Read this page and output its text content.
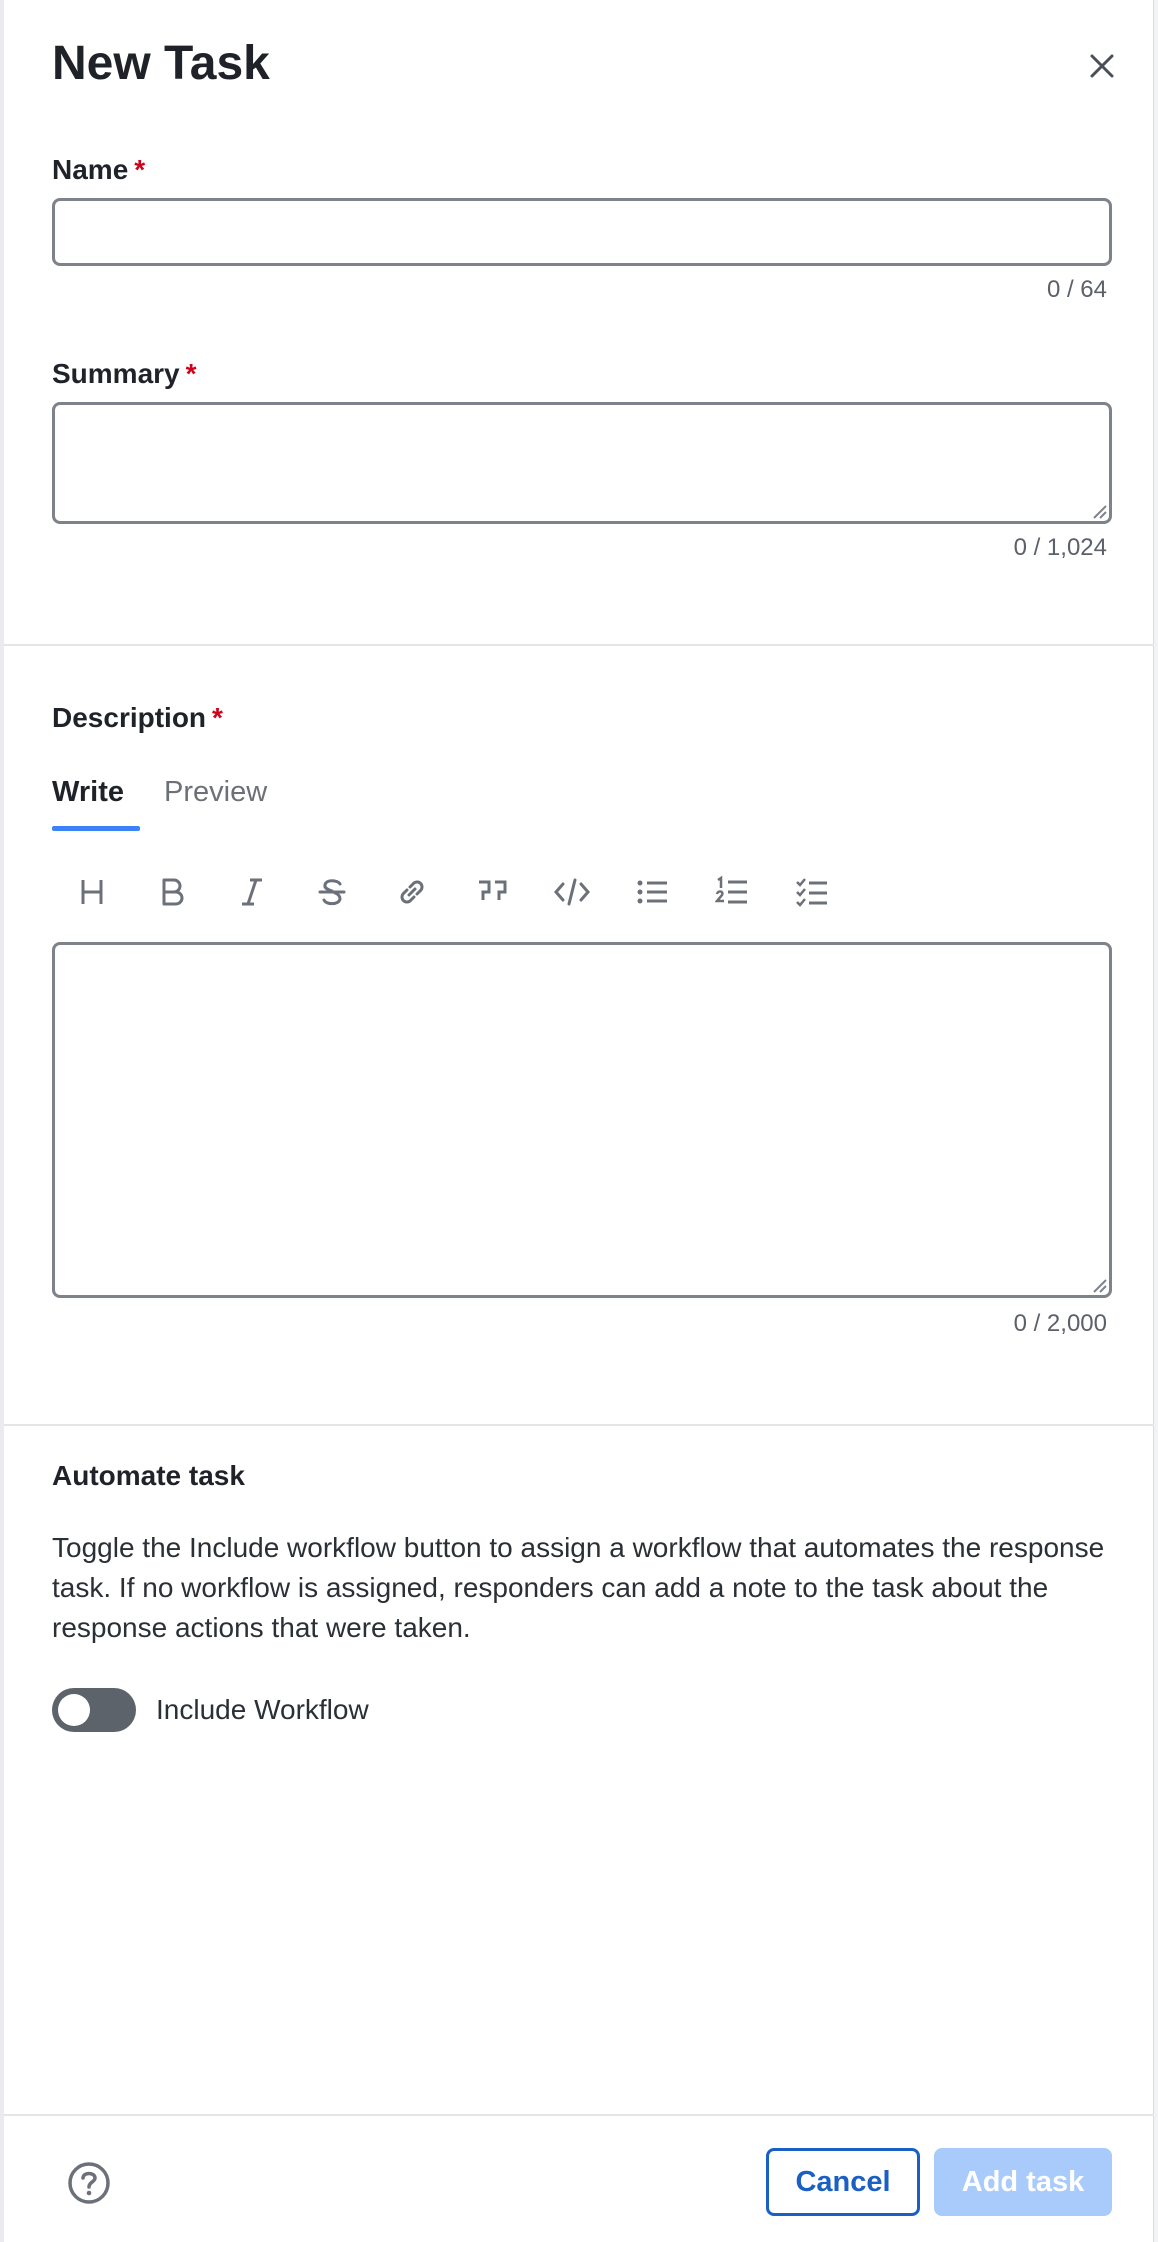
New Task
Name *
0 / 64
Summary *
0 / 1,024
Description *
Write Preview
0 / 2,000
Automate task

Toggle the Include workflow button to assign a workflow that automates the response task. If no workflow is assigned, responders can add a note to the task about the response actions that were taken.

Include Workflow
Cancel	Add task
